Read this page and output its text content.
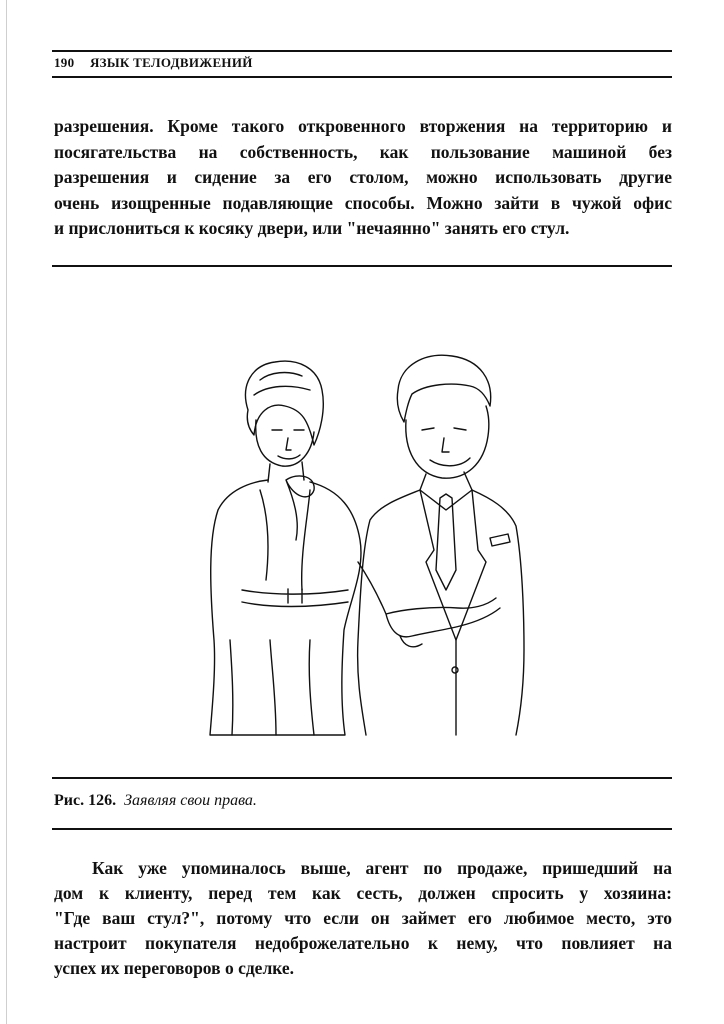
190 ЯЗЫК ТЕЛОДВИЖЕНИЙ
разрешения. Кроме такого откровенного вторжения на территорию и
посягательства на собственность, как пользование машиной без
разрешения и сидение за его столом, можно использовать другие
очень изощренные подавляющие способы. Можно зайти в чужой офис
и прислониться к косяку двери, или "нечаянно" занять его стул.
Рис. 126. Заявляя свои права.
Как уже упоминалось выше, агент по продаже, пришедший на
дом к клиенту, перед тем как сесть, должен спросить у хозяина:
"Где ваш стул?", потому что если он займет его любимое место, это
настроит покупателя недоброжелательно к нему, что повлияет на
успех их переговоров о сделке.
